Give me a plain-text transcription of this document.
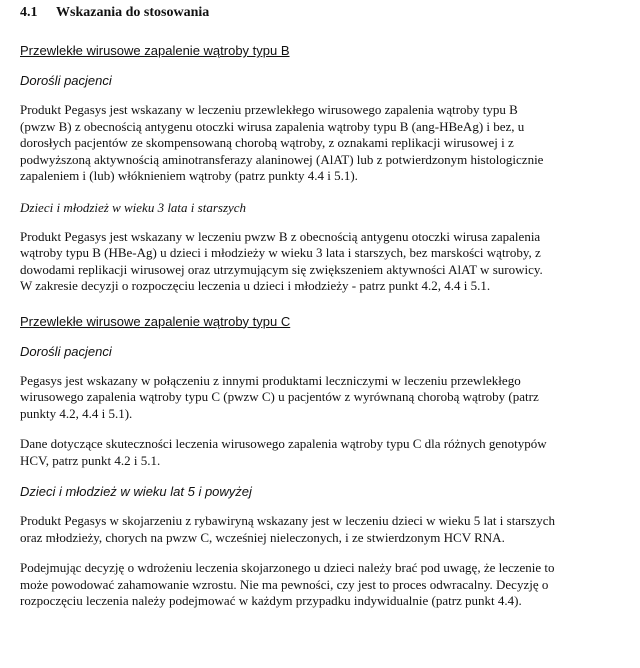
4.1 Wskazania do stosowania
Przewlekłe wirusowe zapalenie wątroby typu B
Dorośli pacjenci
Produkt Pegasys jest wskazany w leczeniu przewlekłego wirusowego zapalenia wątroby typu B
(pwzw B) z obecnością antygenu otoczki wirusa zapalenia wątroby typu B (ang-HBeAg) i bez, u
dorosłych pacjentów ze skompensowaną chorobą wątroby, z oznakami replikacji wirusowej i z
podwyższoną aktywnością aminotransferazy alaninowej (AlAT) lub z potwierdzonym histologicznie
zapaleniem i (lub) włóknieniem wątroby (patrz punkty 4.4 i 5.1).
Dzieci i młodzież w wieku 3 lata i starszych
Produkt Pegasys jest wskazany w leczeniu pwzw B z obecnością antygenu otoczki wirusa zapalenia
wątroby typu B (HBe-Ag) u dzieci i młodzieży w wieku 3 lata i starszych, bez marskości wątroby, z
dowodami replikacji wirusowej oraz utrzymującym się zwiększeniem aktywności AlAT w surowicy.
W zakresie decyzji o rozpoczęciu leczenia u dzieci i młodzieży - patrz punkt 4.2, 4.4 i 5.1.
Przewlekłe wirusowe zapalenie wątroby typu C
Dorośli pacjenci
Pegasys jest wskazany w połączeniu z innymi produktami leczniczymi w leczeniu przewlekłego
wirusowego zapalenia wątroby typu C (pwzw C) u pacjentów z wyrównaną chorobą wątroby (patrz
punkty 4.2, 4.4 i 5.1).
Dane dotyczące skuteczności leczenia wirusowego zapalenia wątroby typu C dla różnych genotypów
HCV, patrz punkt 4.2 i 5.1.
Dzieci i młodzież w wieku lat 5 i powyżej
Produkt Pegasys w skojarzeniu z rybawiryną wskazany jest w leczeniu dzieci w wieku 5 lat i starszych
oraz młodzieży, chorych na pwzw C, wcześniej nieleczonych, i ze stwierdzonym HCV RNA.
Podejmując decyzję o wdrożeniu leczenia skojarzonego u dzieci należy brać pod uwagę, że leczenie to
może powodować zahamowanie wzrostu. Nie ma pewności, czy jest to proces odwracalny. Decyzję o
rozpoczęciu leczenia należy podejmować w każdym przypadku indywidualnie (patrz punkt 4.4).
